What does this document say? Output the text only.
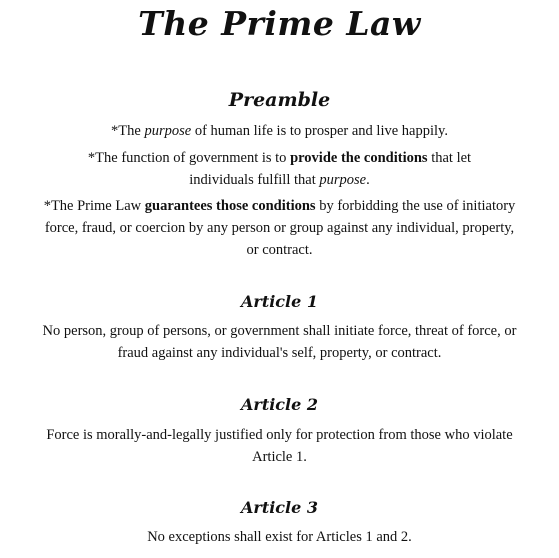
The Prime Law
Preamble

*The purpose of human life is to prosper and live happily.

*The function of government is to provide the conditions that let individuals fulfill that purpose.

*The Prime Law guarantees those conditions by forbidding the use of initiatory force, fraud, or coercion by any person or group against any individual, property, or contract.

Article 1

No person, group of persons, or government shall initiate force, threat of force, or fraud against any individual's self, property, or contract.

Article 2

Force is morally-and-legally justified only for protection from those who violate Article 1.

Article 3

No exceptions shall exist for Articles 1 and 2.
